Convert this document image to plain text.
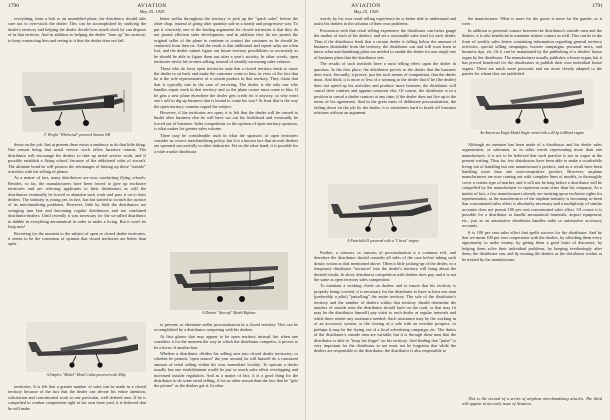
1790	AVIATION
May 25, 1929

everything, from a bolt to an assembled plane, the distributor should take care not to over-stock the dealer. This can be accomplished by studying the dealer's territory and helping the dealer decide how much stock he can dispose of in that territory. And in addition to helping the dealer "tone up" his territory, to keep contracting him and seeing to it that the dealer does not fail.

T. Wright "Whirlwind" powered Stinson SM

down on the job. Just at present there exists a tendency to do that little thing. One reason being that aerial service work offers lucrative returns. The distributor will encourage his dealers to take up aerial service work, and if possible establish a flying school, because of the additional sales of aircraft. The ultimate bond he will possess the advantages of linking up these "outside" activities with the selling of planes.

As a matter of fact, many distributors are now conducting flying schools. Besides, so far, the manufacturers have been forced to give up exclusive territories and are referring applicants to their distributors as will the distributors eventually be forced to abandon such work and pass it on to their dealers. The industry is young yet, in fact, has but started to scratch the surface of its merchandising problems. However, little by little the distributors are swinging into line and becoming regular distributors and not combined distributor-dealers. Until recently it was necessary for the so-called distributor to dabble in everything aeronautical in order to make a living. But it won't be long now!

Reverting for the moment to the subject of open or closed dealer territories, it seems to be the consensus of opinion that closed territories are better than open

A Simplex "Model" Metal Cabin powered with 40hp

territories. It is felt that a greater number of sales can be made in a closed territory because of the fact that the dealer can devote his entire attention, solicitation and concentrated work to one particular, well defined area. If he is compelled to combat competition right in his own front yard, it is believed that he will make

better stellar throughout the territory to pick up the "quick sales" before the other chap, instead of going after quantity sale in a steady and progressive way. To put it concisely, one of the leading arguments for closed territories is that they do not permit efficient sales development, and in addition they do not permit the original seller of the plane to continue to contact the customer as he should be contacted from then on. And the result is that additional and repeat sales are often lost, and the dealer cannot figure out future territory possibilities so accurately as he should be able to figure them out after a year's activity. In other words, open territories invite hit-or-miss selling, instead of steadily increasing sales volume.

Those who do favor open territories state that a closed territory tends to cause the dealer to sit back and make the customer come to him, in view of the fact that he is the sole representative of a certain product in that territory. They claim that that is typically true in the case of servicing. The dealer is the only one who handles repair work in that territory and so the plane owner must come to him. If he gets a new plane elsewhere the dealer gets credit for it anyway, so why exert one's self to dig up business that is bound to come his way? At least that is the way the open territory contents regard the subject.

However, if the territories are open, it is felt that the dealer will be caused to hustle after business else he will have cut out his livelihood and eventually be forced out of business. Sales competition, in the opinion of open territory sponsors, is what makes for greater sales volume.

There may be considerable truth in what the sponsors of open territories consider as correct merchandising policy, but it is a known fact that aircraft dealers are operated successfully in other industries. Yet on the other hand, it is possible for a wide awake distributor

A Detroit "Aircraft" Model Biplane

to prevent, or eliminate stellar procrastination in a closed territory. This can be accomplished by a distributor competing with his dealers.

At first glance that may appear to be open territory instead, but when one considers it for the moment the way in which the distributor competes, it proves to be a horse of another hue.

Whether a distributor divides his selling area into closed dealer territories, or whether he permits "open season" the year around, he will himself do a consistent amount of retail selling within his own immediate locality. To operate a dealer usually has one establishment would be just so much sales effort overlapping and increased outside regulation. And as a matter of fact, it is a good thing for the distributor to do some retail selling, if for no other reason than the fact that he "gets the picture" as the dealers get it. In other

AVIATION
May 25, 1929
1791

words, by his own retail selling experience he is better able to understand and assist his dealers in the solution of their own problems.

Possession with that retail selling experience the distributor can better gauge the market of each of his dealers, and set a reasonable sales total for each dealer. Thus if the distributor finds that a certain dealer is falling below the amount of business obtainable from the territory, the distributor can and will soon learn to know what merchandising plans are needed to enable the dealer for one single one of business plans that the distributor sets.

The results of such methods have a most telling effect upon the dealer in question. In the first place, the distributor proves to the dealer that the business does exist. Secondly, it proves, just the such means of competition, that the dealer must. And third, it is more or less of a warning to the dealer that if he (the dealer) does not speed up his activities and produce more business the distributor will cancel their contract and appoint someone else. Of course, the distributor is in a position to cancel a dealer contract at any time, if the dealer does not live up to the terms of his agreement. And in the great mass of deliberate procrastination, the failing down on the job by the dealer, it is sometimes hard to break off business relations without an argument.

A Fairchild 41 powered with a "Cirrus" engine

Further, a contract, or canvass of procrastination is a common evil, and therefore the distributor should consider all sides of the case before taking such drastic action as that mentioned above. Often a little jacking-up of the dealer, or a temporary distributor "invasion" into the dealer's territory will bring about the desired results. In short, distributor competition with dealers does pay, and it is not the same as open territory sales competition.

To maintain a working check on dealers and to insure that his territory is properly being covered, it is necessary for the distributor to have at least one man (preferably a pilot) "patrolling" the entire territory. The sale of the distributor's territory and the number of dealers within that territory should determine the number of outside men the distributor should have on the road, or that may (it may be the distributor himself) pay visits to each dealer at regular intervals and while there render any assistance needed. Such assistance may be the working in of an accessory system, or the closing of a sale with an overdue prospect, or perhaps it may be the laying out of a local advertising campaign, etc. The duties of the distributor's outside men are variable, but it is through these men that the distributor is able to "keep his finger" on his territory. And finding that "pulse" is very important for the distributor to not must not be forgotten that while the dealers are responsible to the distributor, the distributor is also responsible to

the manufacturer. What is more for the goose is more for the gander, as it were.

In addition to personal contact between the distributor's outside men and the dealers, it is also beneficial to maintain written contact as well. This can be in the form of weekly sales letters containing information regarding general territory activities, special selling campaigns, booster campaigns, personal news, and business tips, etc. Or it can be maintained by the publishing of a dealers' house organ by the distributor. The manufacturer usually publishes a house organ, but it has proved beneficial for the distributors to publish their own individual house organs. These are much more personal, and are more closely adapted to the parties for whom they are published.

An American Eagle Model Eagle wired with a 40 hp LeBlond engine

Although no mention has been made of a distributor and his dealer sales organization, or salesmen, or in other words representing more than one manufacturer, it is not to be believed that such practice is not in vogue at the present writing. Thus far, few distributors have been able to make a worthwhile living out of handling but one manufacturer's product, and as a result have been handling more than one non-competitive product. However, airplane manufacturers are now coming out with complete lines of models, to thoroughly cover a certain type of market, and it will not be long before a distributor will be compelled by the manufacturer to represent none other than his company. As a matter of fact, a few manufacturers already are insisting upon exclusive rights for representation, as the manufacturer of the airplane industry is becoming so keen that concentrated sales effort is absolutely necessary and a multiplicity of similar accounts does not permit 100 per cent concentrated sales effort. Of course it is possible for a distributor to handle aeronautical materials, airport equipment, etc., just as an automotive distributor handles radio or automotive accessory accounts.

It is 100 per cent sales effort that spells success for the distributor. And by that we mean 100 per cent cooperation with the dealers, by affording them every opportunity to make money, by giving them a good basis of discounts, by helping them solve their individual problems, by keeping everlastingly after them, the distributor can, and by treating the dealers as the distributor wishes to be treated by the manufacturer.

This is the second of a series of airplane merchandising articles. The third will appear in an early issue of Aviation.
